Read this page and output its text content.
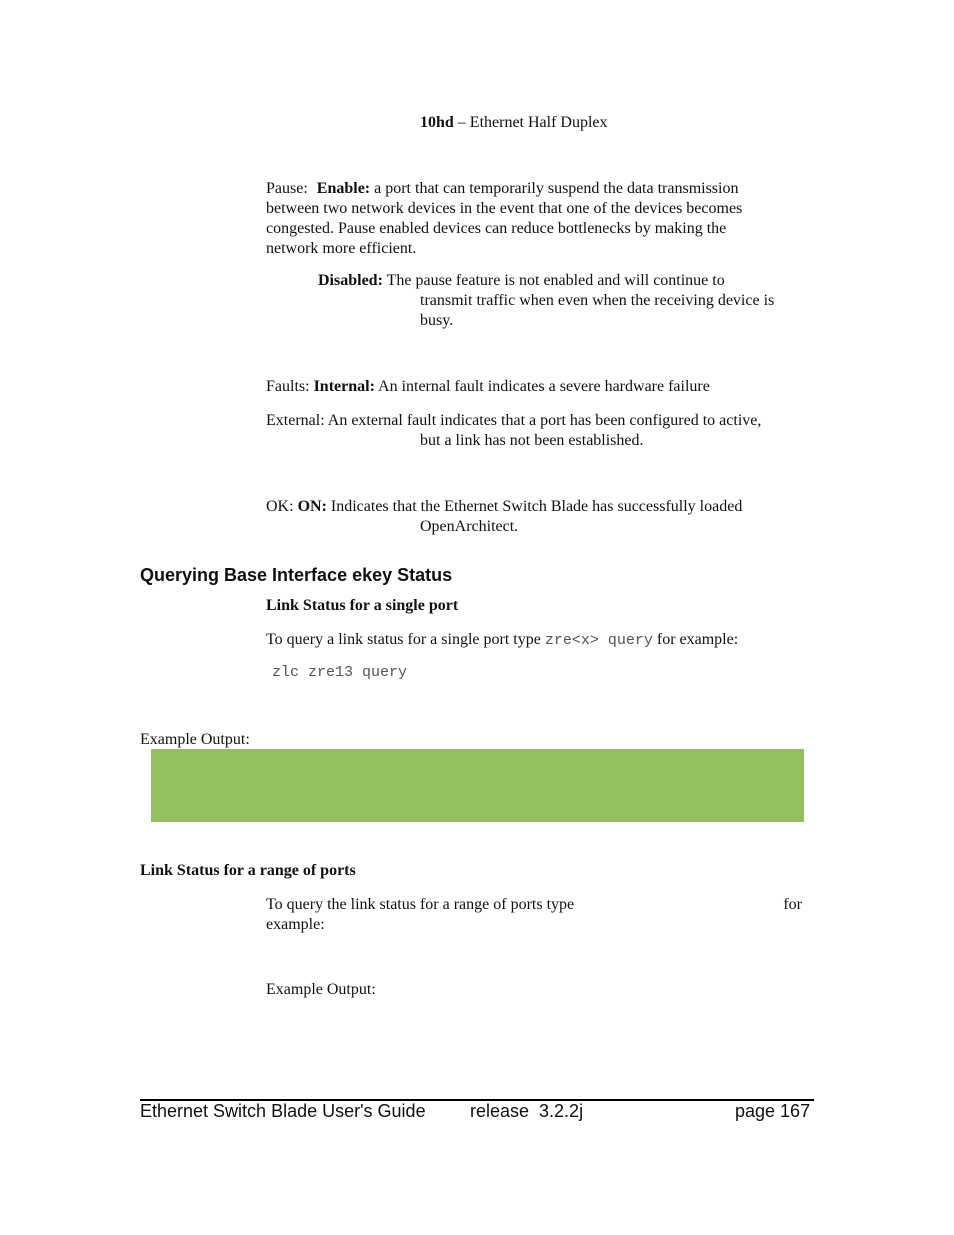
10hd – Ethernet Half Duplex
Pause: Enable: a port that can temporarily suspend the data transmission
between two network devices in the event that one of the devices becomes
congested. Pause enabled devices can reduce bottlenecks by making the
network more efficient.
Disabled: The pause feature is not enabled and will continue to
transmit traffic when even when the receiving device is
busy.
Faults: Internal: An internal fault indicates a severe hardware failure
External: An external fault indicates that a port has been configured to active,
but a link has not been established.
OK: ON: Indicates that the Ethernet Switch Blade has successfully loaded
OpenArchitect.
Querying Base Interface ekey Status
Link Status for a single port
To query a link status for a single port type zre<x> query for example:
zlc zre13 query
Example Output:
Link Status for a range of ports
To query the link status for a range of ports type	for
example:
Example Output:
Ethernet Switch Blade User's Guide release  3.2.2j	page 167
